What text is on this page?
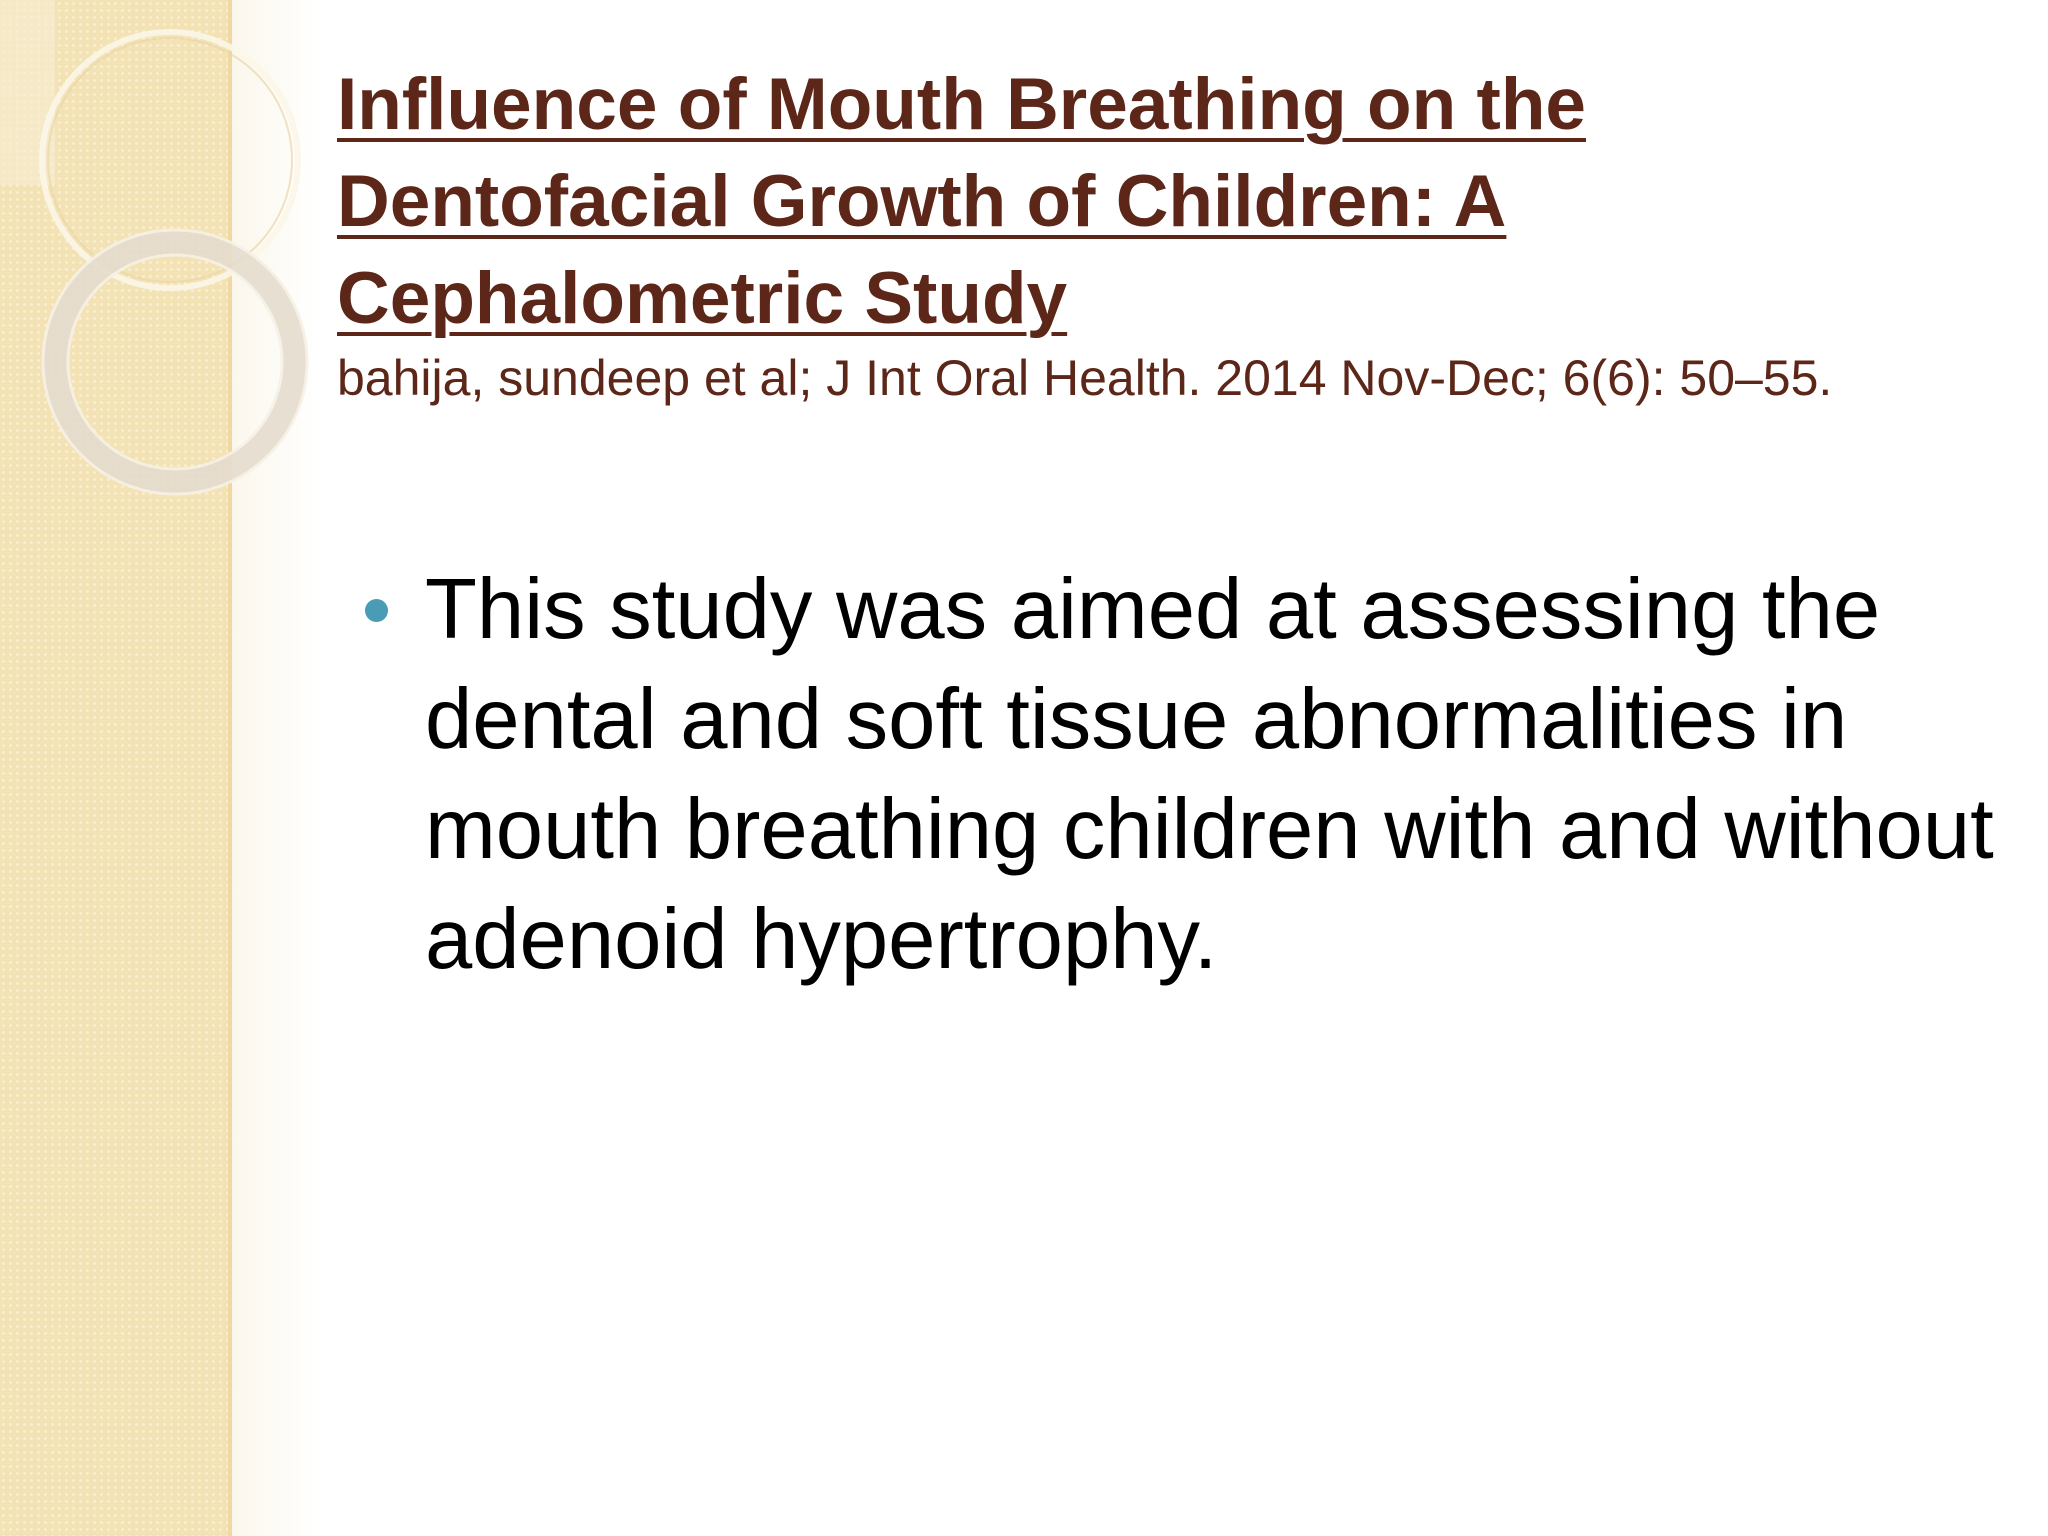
Influence of Mouth Breathing on the Dentofacial Growth of Children: A Cephalometric Study

bahija, sundeep et al; J Int Oral Health. 2014 Nov-Dec; 6(6): 50–55.

This study was aimed at assessing the dental and soft tissue abnormalities in mouth breathing children with and without adenoid hypertrophy.
